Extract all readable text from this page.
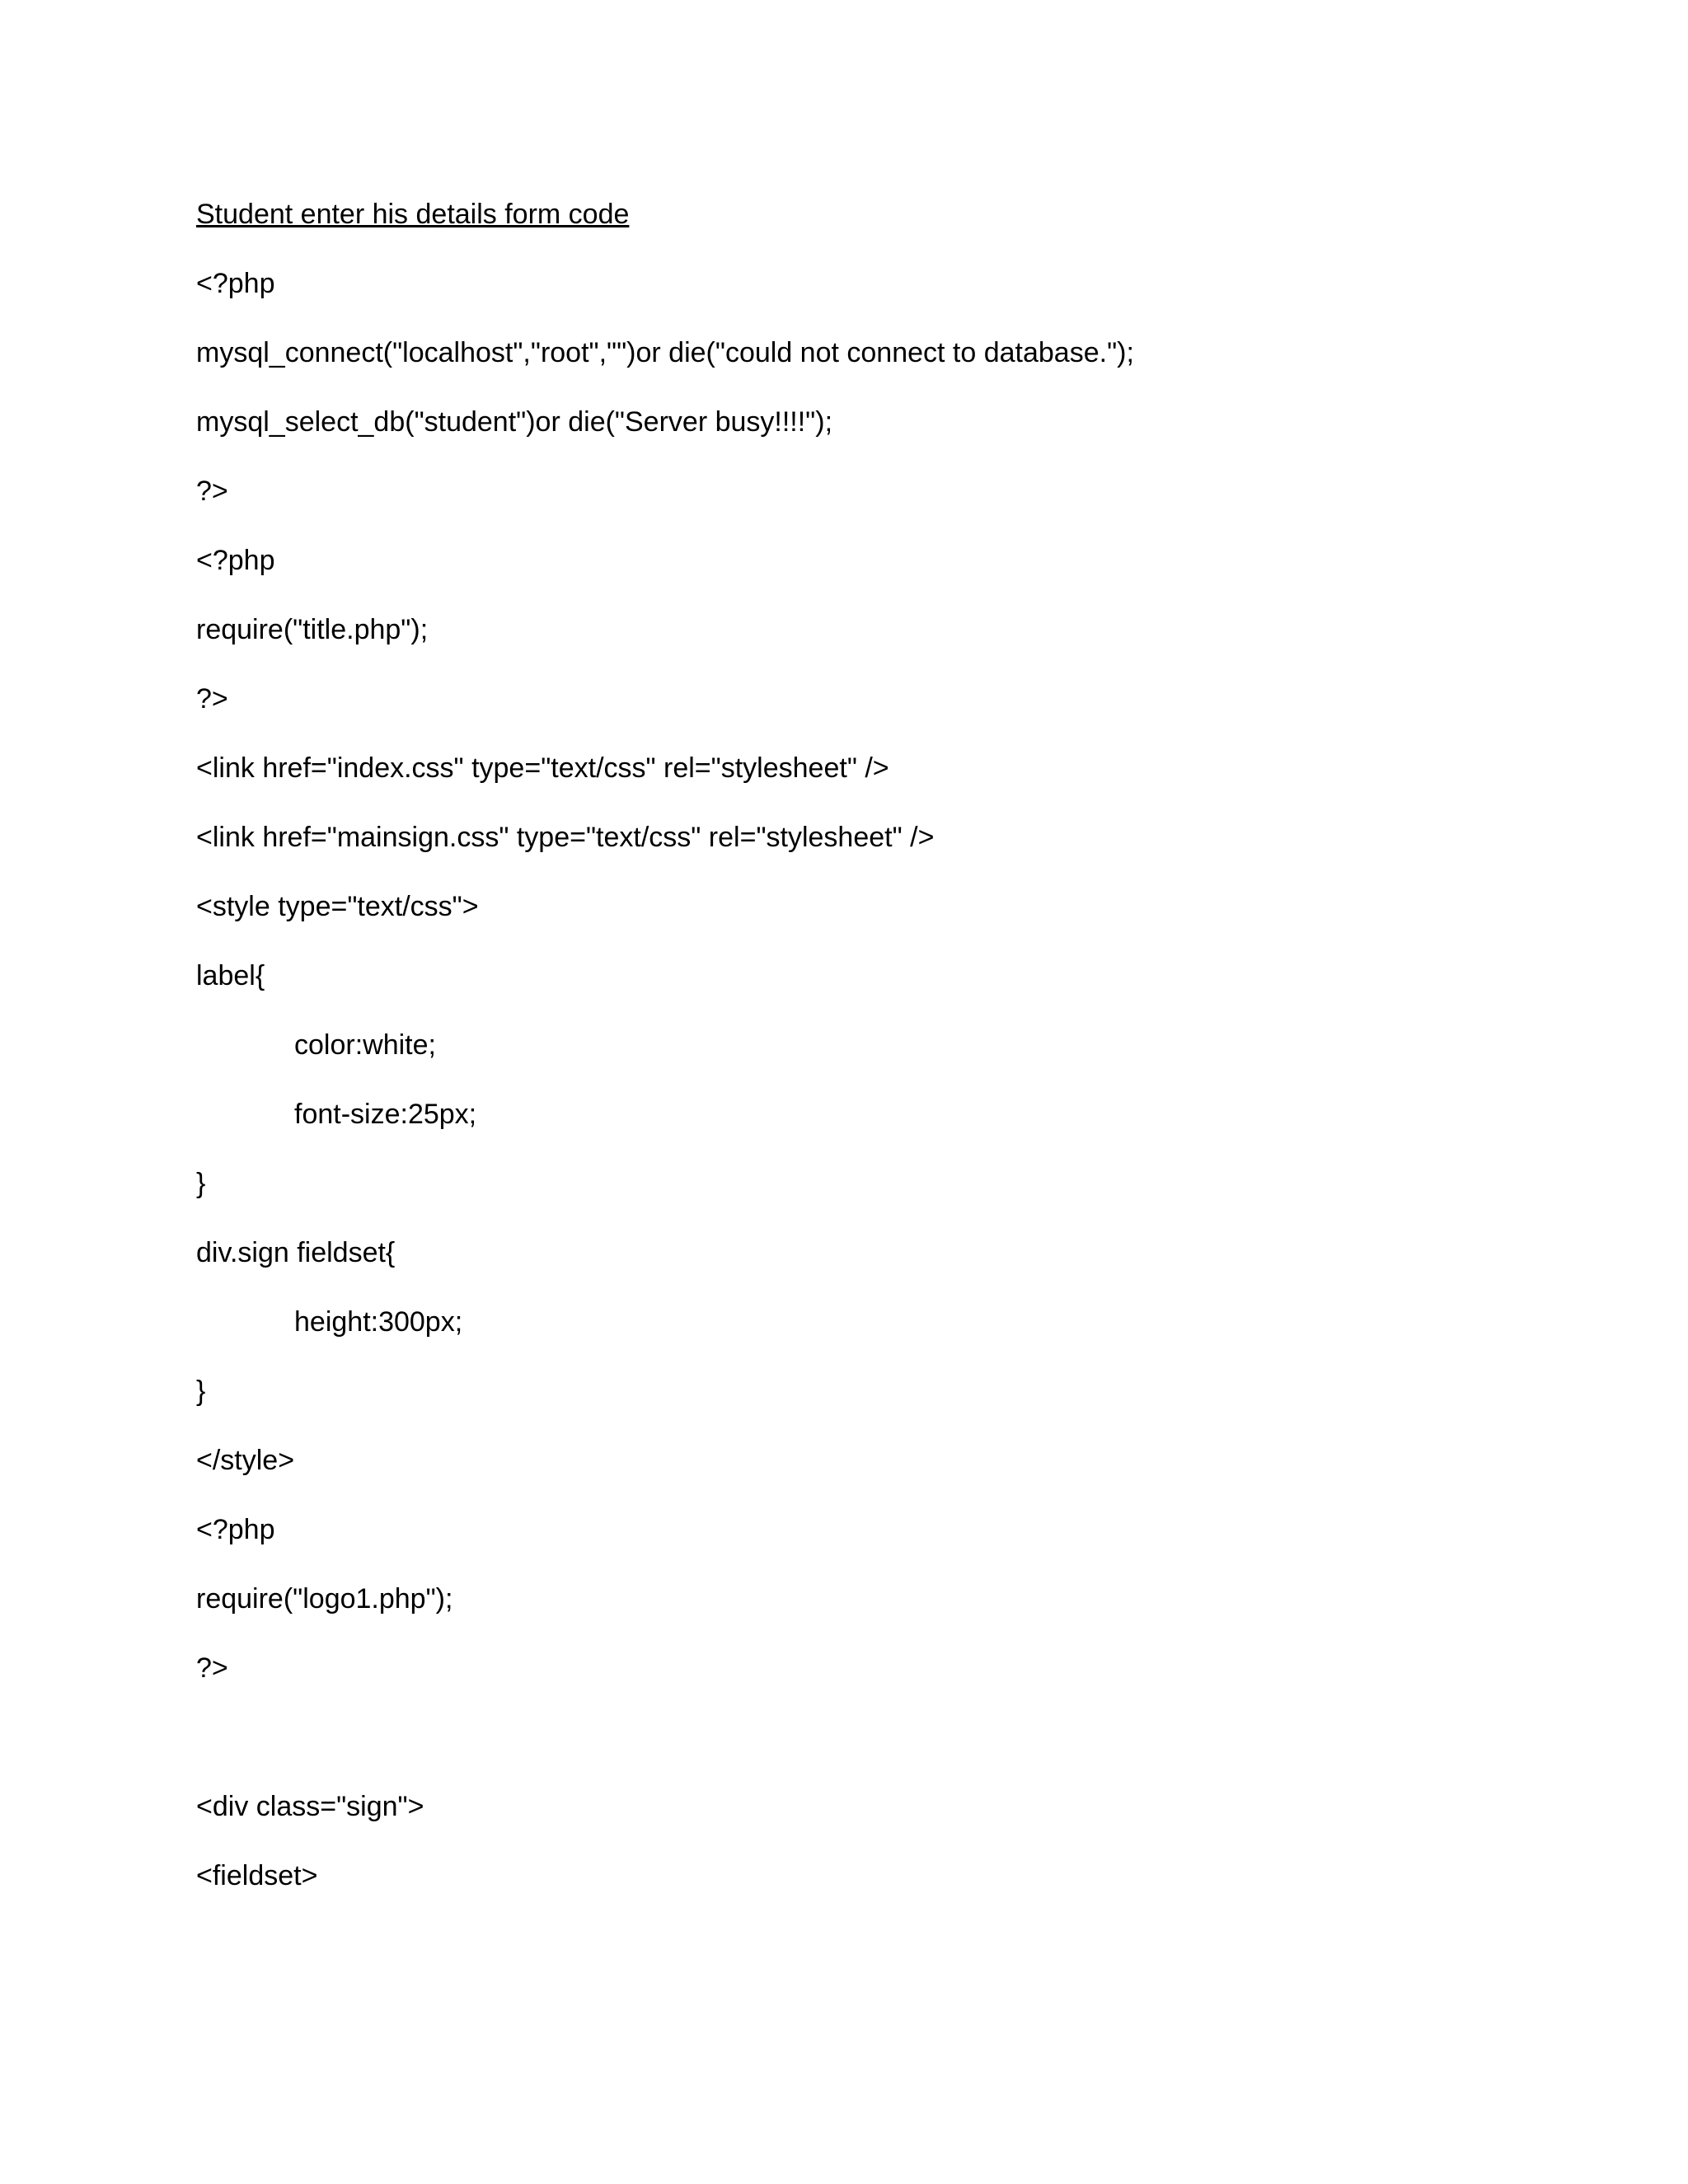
Student enter his details form code
<?php
mysql_connect("localhost","root","")or die("could not connect to database.");
mysql_select_db("student")or die("Server busy!!!!");
?>
<?php
require("title.php");
?>
<link href="index.css" type="text/css" rel="stylesheet" />
<link href="mainsign.css" type="text/css" rel="stylesheet" />
<style type="text/css">
label{
color:white;
font-size:25px;
}
div.sign fieldset{
height:300px;
}
</style>
<?php
require("logo1.php");
?>
<div class="sign">
<fieldset>
